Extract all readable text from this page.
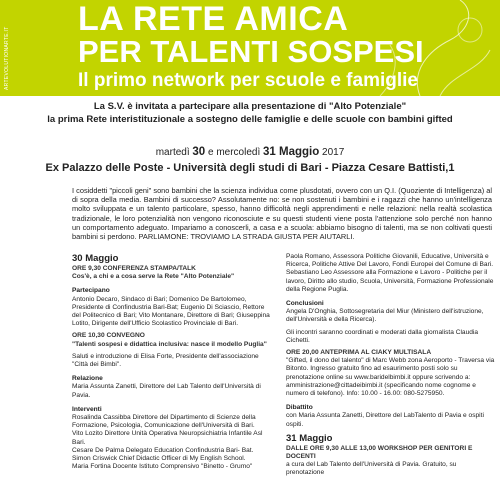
ARTEVOLUTIONARTE.IT
LA RETE AMICA
PER TALENTI SOSPESI
Il primo network per scuole e famiglie
La S.V. è invitata a partecipare alla presentazione di "Alto Potenziale"
la prima Rete interistituzionale a sostegno delle famiglie e delle scuole con bambini gifted
martedì 30 e mercoledì 31 Maggio 2017
Ex Palazzo delle Poste - Università degli studi di Bari - Piazza Cesare Battisti,1
I cosiddetti "piccoli geni" sono bambini che la scienza individua come plusdotati, ovvero con un Q.I. (Quoziente di Intelligenza) al di sopra della media. Bambini di successo? Assolutamente no: se non sostenuti i bambini e i ragazzi che hanno un'intelligenza molto sviluppata e un talento particolare, spesso, hanno difficoltà negli apprendimenti e nelle relazioni: nella realtà scolastica tradizionale, le loro potenzialità non vengono riconosciute e su questi studenti viene posta l'attenzione solo perché non hanno un comportamento adeguato. Impariamo a conoscerli, a casa e a scuola: abbiamo bisogno di talenti, ma se non coltivati questi bambini si perdono. PARLIAMONE: TROVIAMO LA STRADA GIUSTA PER AIUTARLI.
30 Maggio
ORE 9,30 CONFERENZA STAMPA/TALK
Cos'è, a chi e a cosa serve la Rete "Alto Potenziale"
Partecipano
Antonio Decaro, Sindaco di Bari; Domenico De Bartolomeo, Presidente di Confindustria Bari-Bat; Eugenio Di Sciascio, Rettore del Politecnico di Bari; Vito Montanare, Direttore di Bari; Giuseppina Lotito, Dirigente dell'Ufficio Scolastico Provinciale di Bari.
ORE 10,30 CONVEGNO
"Talenti sospesi e didattica inclusiva: nasce il modello Puglia"
Saluti e introduzione di Elisa Forte, Presidente dell'associazione "Città dei Bimbi".
Relazione
Maria Assunta Zanetti, Direttore del Lab Talento dell'Università di Pavia.
Interventi
Rosalinda Cassibba Direttore del Dipartimento di Scienze della Formazione, Psicologia, Comunicazione dell'Università di Bari.
Vito Lozito Direttore Unità Operativa Neuropsichiatria Infantile Asl Bari.
Cesare De Palma Delegato Education Confindustria Bari- Bat.
Simon Criswick Chief Didactic Officer di My English School.
Maria Fortina Docente Istituto Comprensivo "Binetto - Grumo"
Paola Romano, Assessora Politiche Giovanili, Educative, Università e Ricerca, Politiche Attive Del Lavoro, Fondi Europei del Comune di Bari. Sebastiano Leo Assessore alla Formazione e Lavoro - Politiche per il lavoro, Diritto allo studio, Scuola, Università, Formazione Professionale della Regione Puglia.
Conclusioni
Angela D'Onghia, Sottosegretaria del Miur (Ministero dell'istruzione, dell'Università e della Ricerca).
Gli incontri saranno coordinati e moderati dalla giornalista Claudia Cichetti.
ORE 20,00 ANTEPRIMA AL CIAKY MULTISALA
"Gifted, il dono del talento" di Marc Webb zona Aeroporto - Traversa via Bitonto. Ingresso gratuito fino ad esaurimento posti solo su prenotazione online su www.baridelbimbi.it oppure scrivendo a: amministrazione@cittadeibimbi.it (specificando nome cognome e numero di telefono). Info: 10.00 - 16.00: 080-5275950.
Dibattito
con Maria Assunta Zanetti, Direttore del LabTalento di Pavia e ospiti ospiti.
31 Maggio
DALLE ORE 9,30 ALLE 13,00 WORKSHOP PER GENITORI E DOCENTI
a cura del Lab Talento dell'Università di Pavia. Gratuito, su prenotazione
